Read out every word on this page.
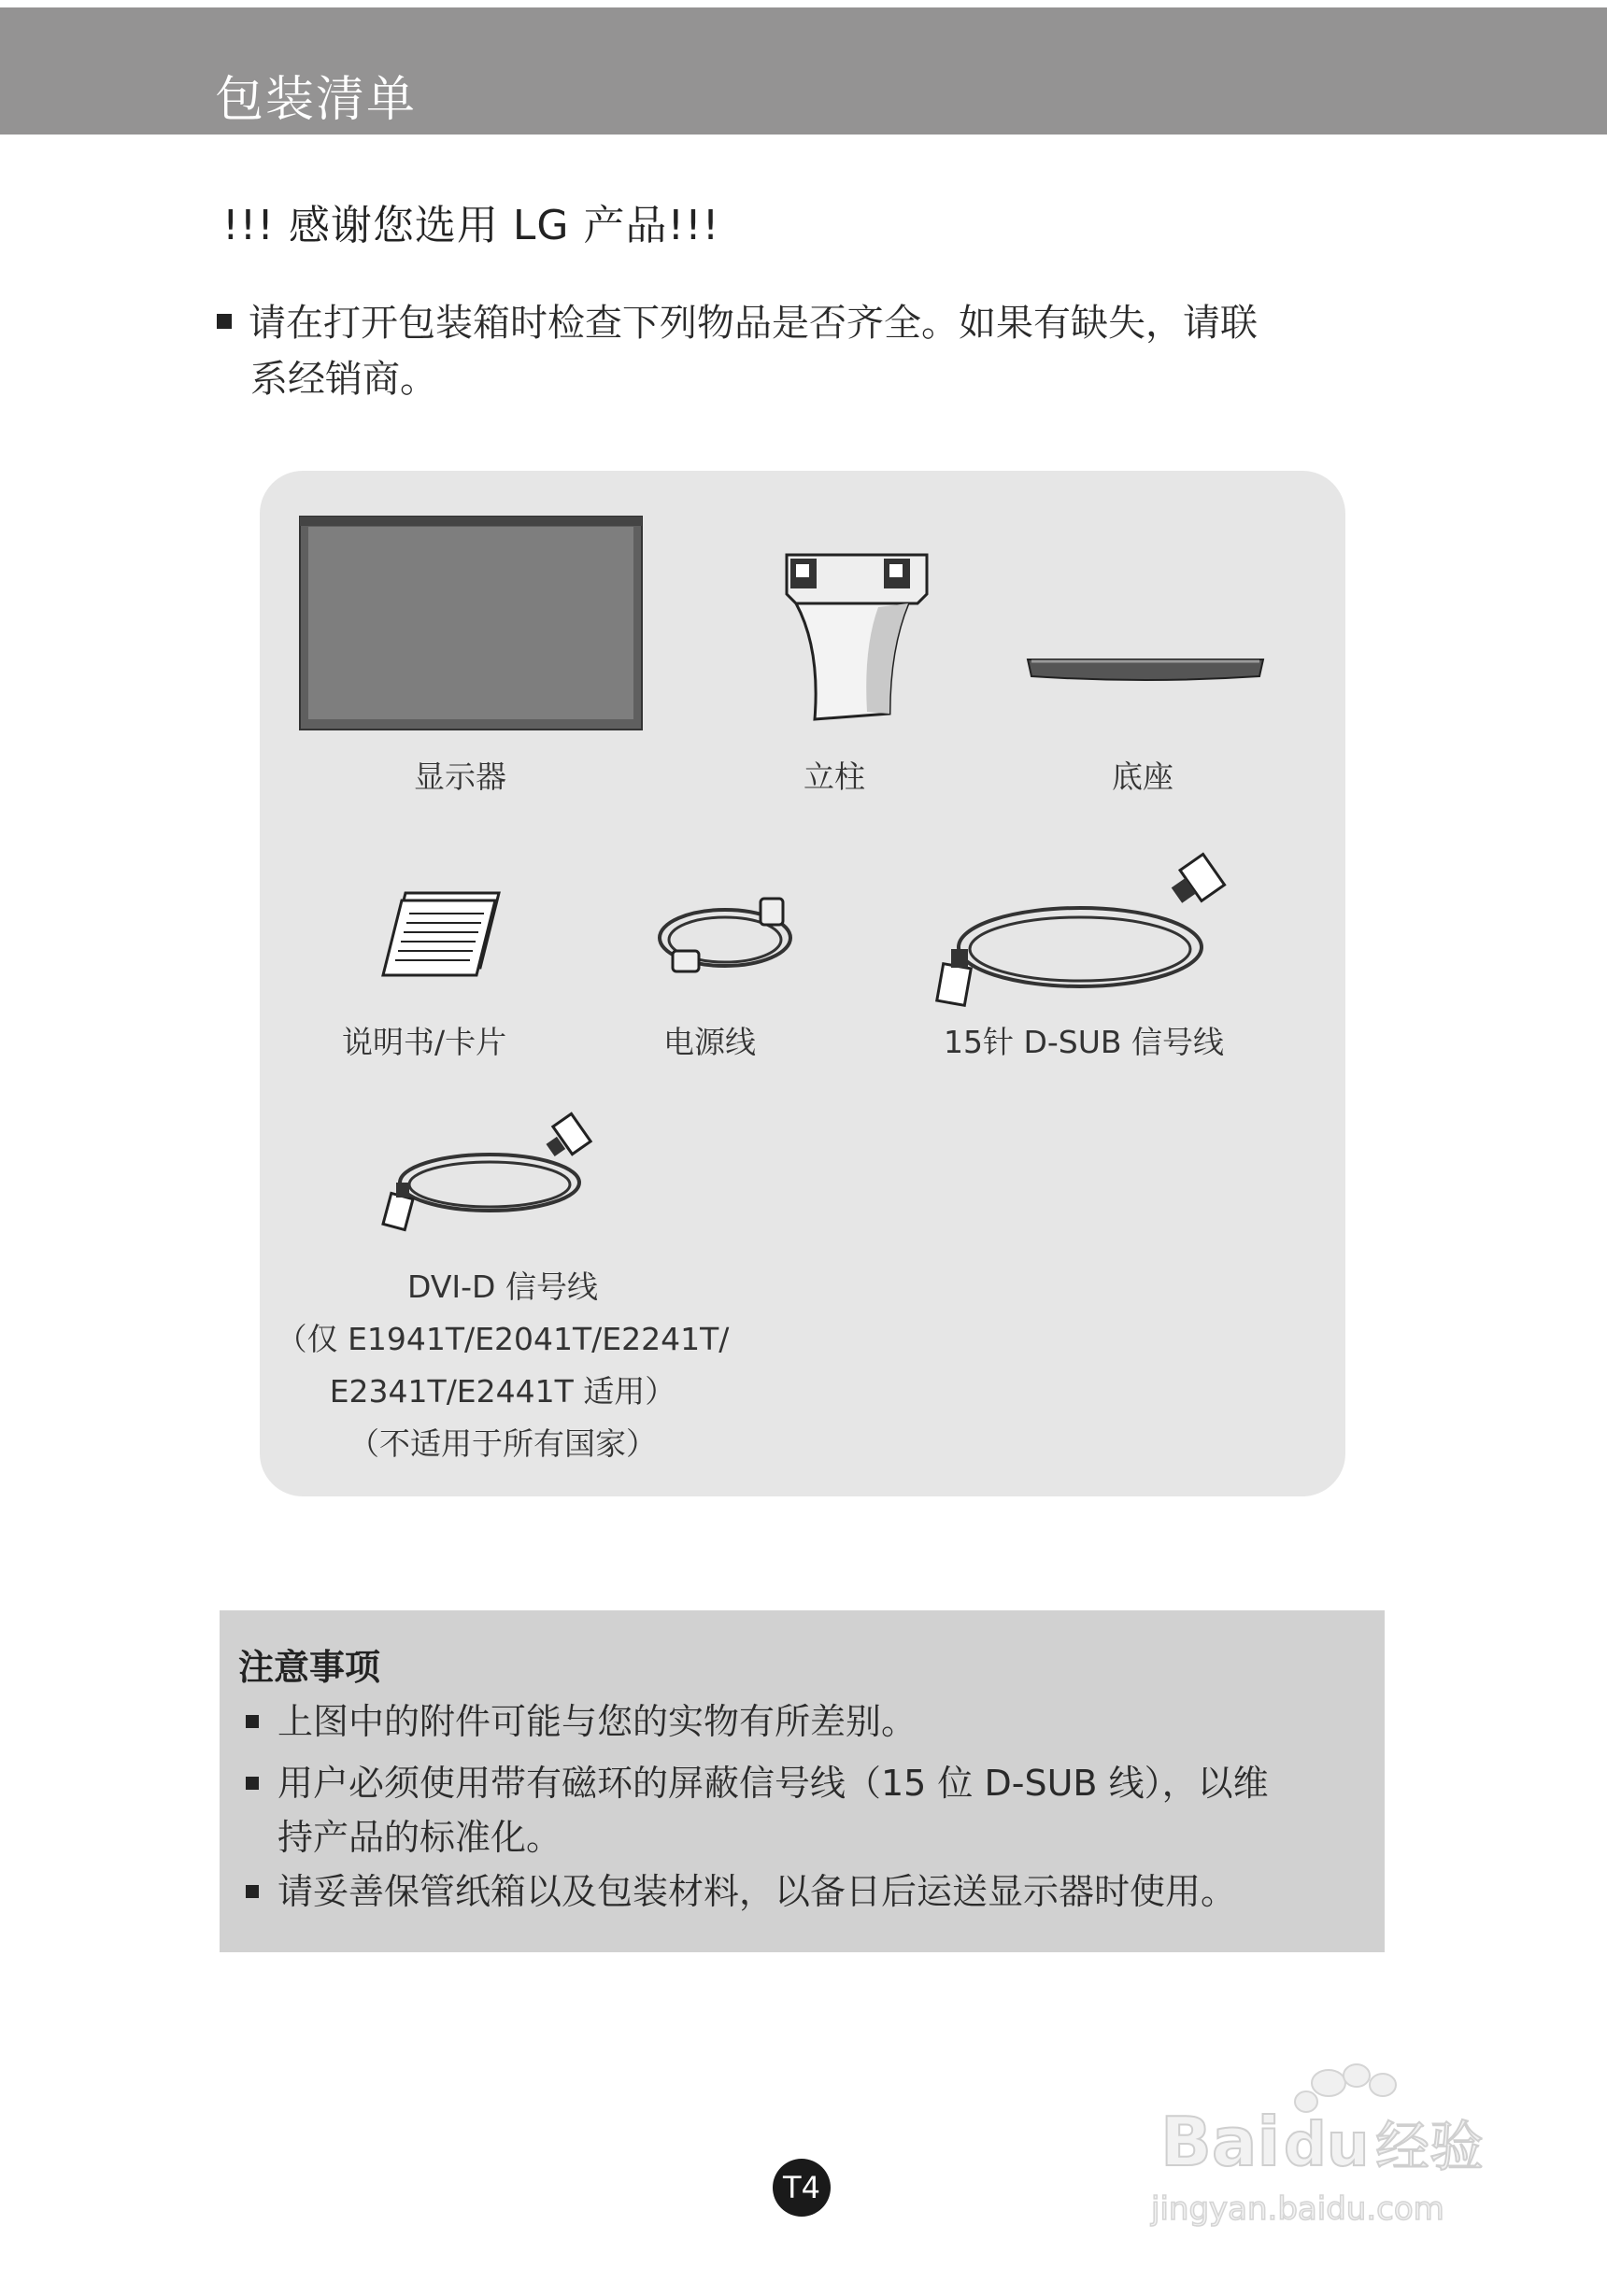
包装清单
!!! 感谢您选用 LG 产品!!!
请在打开包装箱时检查下列物品是否齐全。如果有缺失，请联
系经销商。
显示器	立柱	底座
说明书/卡片	电源线	15针 D-SUB 信号线
DVI-D 信号线
（仅 E1941T/E2041T/E2241T/
E2341T/E2441T 适用）
（不适用于所有国家）
注意事项
上图中的附件可能与您的实物有所差别。
用户必须使用带有磁环的屏蔽信号线（15 位 D-SUB 线），以维
持产品的标准化。
请妥善保管纸箱以及包装材料，以备日后运送显示器时使用。
Bai du 经验
jingyan.baidu.com
T4
